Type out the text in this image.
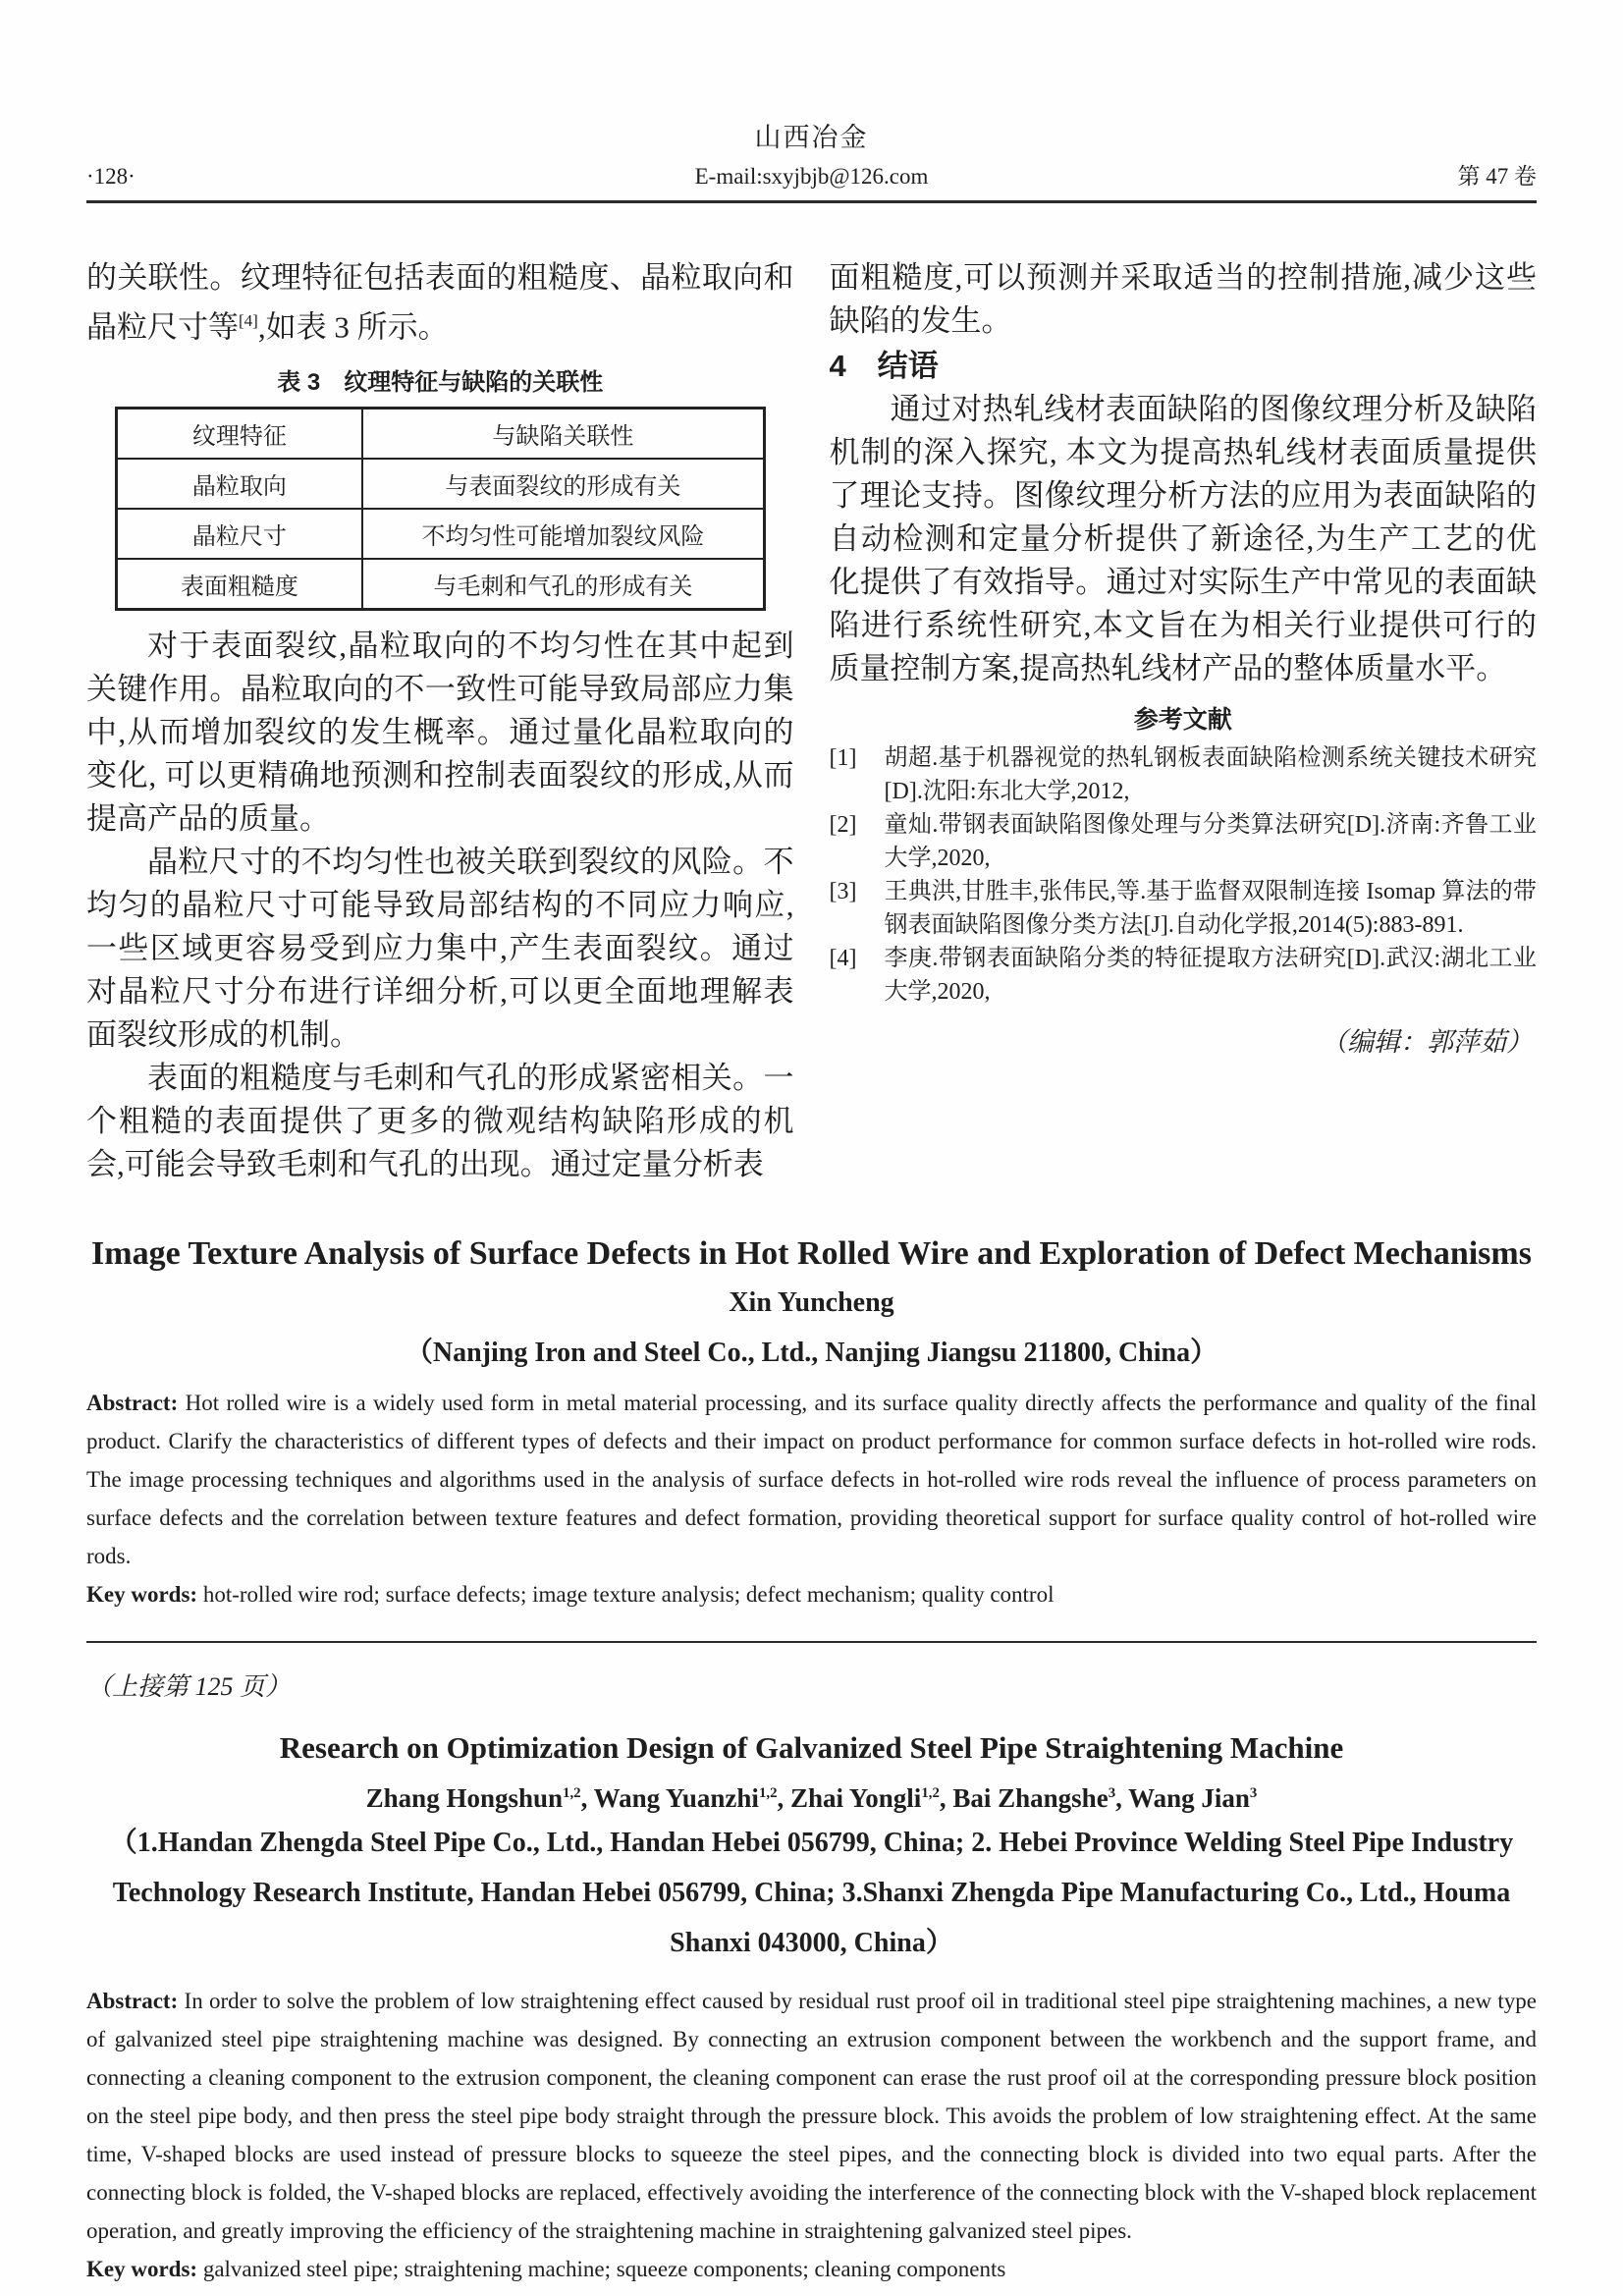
山西冶金
·128·	E-mail:sxyjbjb@126.com	第 47 卷

的关联性。纹理特征包括表面的粗糙度、晶粒取向和晶粒尺寸等[4],如表 3 所示。

表 3　纹理特征与缺陷的关联性
纹理特征	与缺陷关联性
晶粒取向	与表面裂纹的形成有关
晶粒尺寸	不均匀性可能增加裂纹风险
表面粗糙度	与毛刺和气孔的形成有关

对于表面裂纹,晶粒取向的不均匀性在其中起到关键作用。晶粒取向的不一致性可能导致局部应力集中,从而增加裂纹的发生概率。通过量化晶粒取向的变化, 可以更精确地预测和控制表面裂纹的形成,从而提高产品的质量。

晶粒尺寸的不均匀性也被关联到裂纹的风险。不均匀的晶粒尺寸可能导致局部结构的不同应力响应,一些区域更容易受到应力集中,产生表面裂纹。通过对晶粒尺寸分布进行详细分析,可以更全面地理解表面裂纹形成的机制。

表面的粗糙度与毛刺和气孔的形成紧密相关。一个粗糙的表面提供了更多的微观结构缺陷形成的机会,可能会导致毛刺和气孔的出现。通过定量分析表

面粗糙度,可以预测并采取适当的控制措施,减少这些缺陷的发生。

4 结语

通过对热轧线材表面缺陷的图像纹理分析及缺陷机制的深入探究, 本文为提高热轧线材表面质量提供了理论支持。图像纹理分析方法的应用为表面缺陷的自动检测和定量分析提供了新途径,为生产工艺的优化提供了有效指导。通过对实际生产中常见的表面缺陷进行系统性研究,本文旨在为相关行业提供可行的质量控制方案,提高热轧线材产品的整体质量水平。

参考文献
[1]	胡超.基于机器视觉的热轧钢板表面缺陷检测系统关键技术研究[D].沈阳:东北大学,2012,
[2]	童灿.带钢表面缺陷图像处理与分类算法研究[D].济南:齐鲁工业大学,2020,
[3]	王典洪,甘胜丰,张伟民,等.基于监督双限制连接 Isomap 算法的带钢表面缺陷图像分类方法[J].自动化学报,2014(5):883-891.
[4]	李庚.带钢表面缺陷分类的特征提取方法研究[D].武汉:湖北工业大学,2020,
（编辑：郭萍茹）
Image Texture Analysis of Surface Defects in Hot Rolled Wire and Exploration of Defect Mechanisms
Xin Yuncheng
（Nanjing Iron and Steel Co., Ltd., Nanjing Jiangsu 211800, China）

Abstract: Hot rolled wire is a widely used form in metal material processing, and its surface quality directly affects the performance and quality of the final product. Clarify the characteristics of different types of defects and their impact on product performance for common surface defects in hot-rolled wire rods. The image processing techniques and algorithms used in the analysis of surface defects in hot-rolled wire rods reveal the influence of process parameters on surface defects and the correlation between texture features and defect formation, providing theoretical support for surface quality control of hot-rolled wire rods.

Key words: hot-rolled wire rod; surface defects; image texture analysis; defect mechanism; quality control

（上接第 125 页）
Research on Optimization Design of Galvanized Steel Pipe Straightening Machine
Zhang Hongshun$^{1,2}$, Wang Yuanzhi$^{1,2}$, Zhai Yongli$^{1,2}$, Bai Zhangshe$^3$, Wang Jian$^3$
（1.Handan Zhengda Steel Pipe Co., Ltd., Handan Hebei 056799, China; 2. Hebei Province Welding Steel Pipe Industry Technology Research Institute, Handan Hebei 056799, China; 3.Shanxi Zhengda Pipe Manufacturing Co., Ltd., Houma Shanxi 043000, China）

Abstract: In order to solve the problem of low straightening effect caused by residual rust proof oil in traditional steel pipe straightening machines, a new type of galvanized steel pipe straightening machine was designed. By connecting an extrusion component between the workbench and the support frame, and connecting a cleaning component to the extrusion component, the cleaning component can erase the rust proof oil at the corresponding pressure block position on the steel pipe body, and then press the steel pipe body straight through the pressure block. This avoids the problem of low straightening effect. At the same time, V-shaped blocks are used instead of pressure blocks to squeeze the steel pipes, and the connecting block is divided into two equal parts. After the connecting block is folded, the V-shaped blocks are replaced, effectively avoiding the interference of the connecting block with the V-shaped block replacement operation, and greatly improving the efficiency of the straightening machine in straightening galvanized steel pipes.

Key words: galvanized steel pipe; straightening machine; squeeze components; cleaning components
